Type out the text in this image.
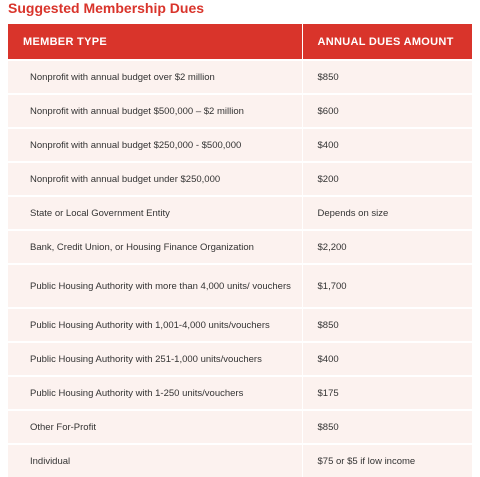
Suggested Membership Dues
MEMBER TYPE	ANNUAL DUES AMOUNT
Nonprofit with annual budget over $2 million	$850
Nonprofit with annual budget $500,000 – $2 million	$600
Nonprofit with annual budget $250,000 - $500,000	$400
Nonprofit with annual budget under $250,000	$200
State or Local Government Entity	Depends on size
Bank, Credit Union, or Housing Finance Organization	$2,200
Public Housing Authority with more than 4,000 units/ vouchers	$1,700
Public Housing Authority with 1,001-4,000 units/vouchers	$850
Public Housing Authority with 251-1,000 units/vouchers	$400
Public Housing Authority with 1-250 units/vouchers	$175
Other For-Profit	$850
Individual	$75 or $5 if low income
